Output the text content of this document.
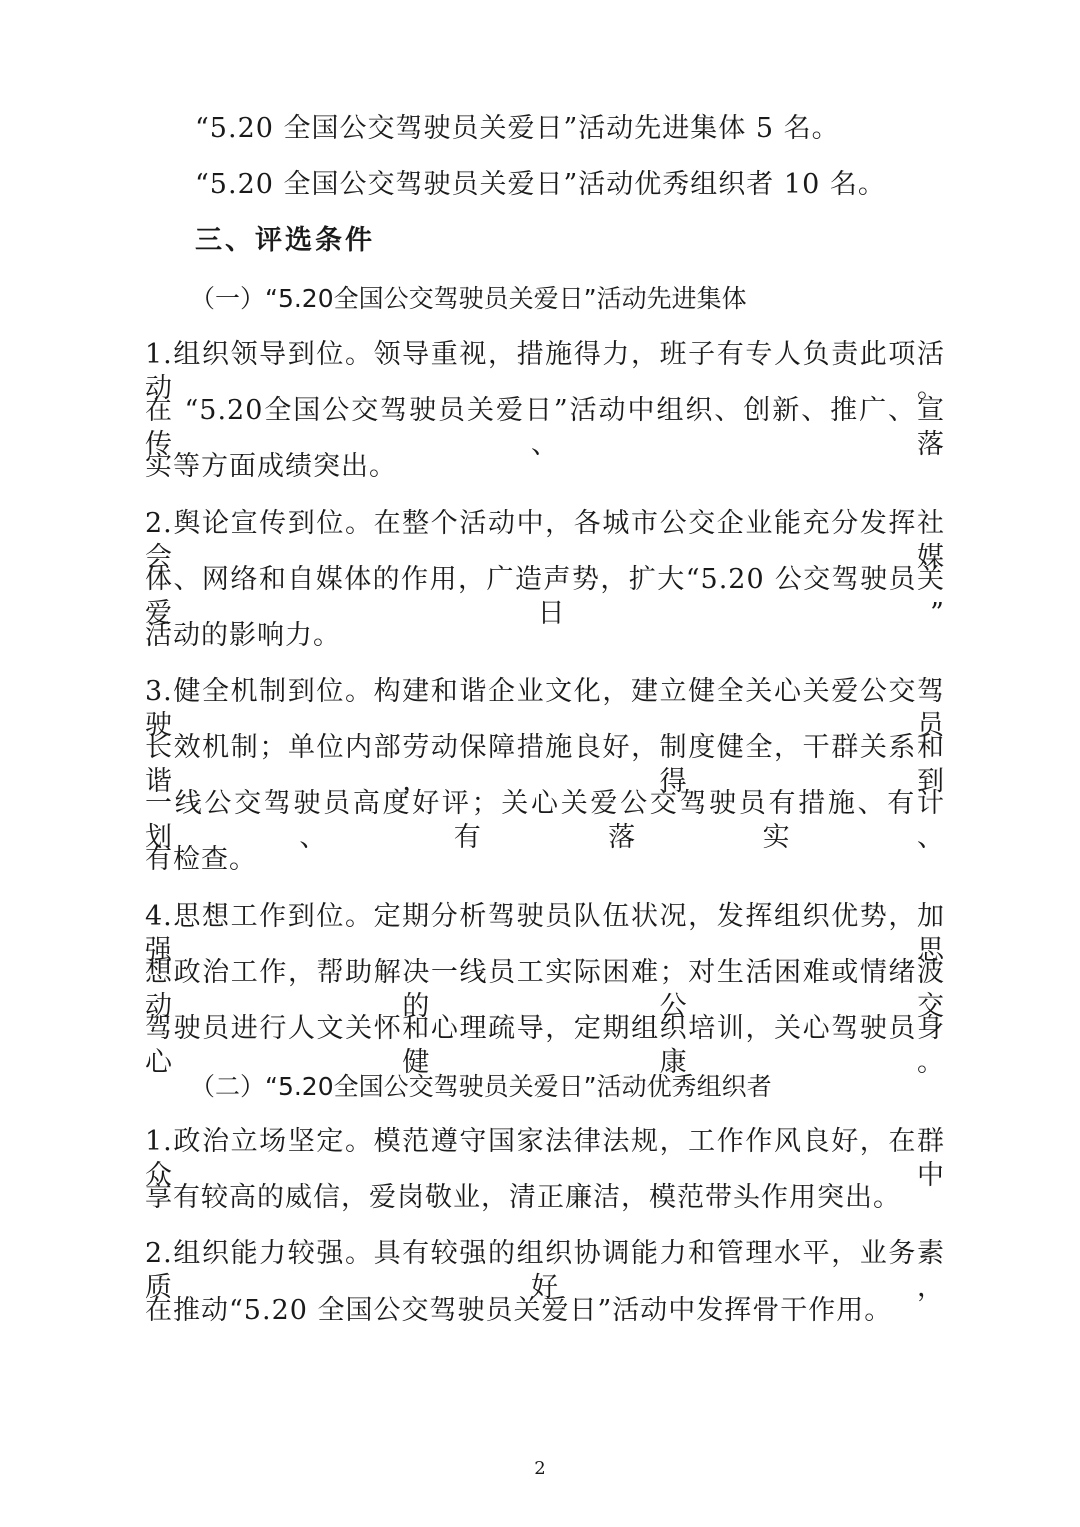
“5.20 全国公交驾驶员关爱日”活动先进集体 5 名。
“5.20 全国公交驾驶员关爱日”活动优秀组织者 10 名。
三、评选条件
（一）“5.20全国公交驾驶员关爱日”活动先进集体
1.组织领导到位。领导重视，措施得力，班子有专人负责此项活动。
在 “5.20全国公交驾驶员关爱日”活动中组织、创新、推广、宣传、落
实等方面成绩突出。
2.舆论宣传到位。在整个活动中，各城市公交企业能充分发挥社会媒
体、网络和自媒体的作用，广造声势，扩大“5.20 公交驾驶员关爱日”
活动的影响力。
3.健全机制到位。构建和谐企业文化，建立健全关心关爱公交驾驶员
长效机制；单位内部劳动保障措施良好，制度健全，干群关系和谐，得到
一线公交驾驶员高度好评；关心关爱公交驾驶员有措施、有计划、有落实、
有检查。
4.思想工作到位。定期分析驾驶员队伍状况，发挥组织优势，加强思
想政治工作，帮助解决一线员工实际困难；对生活困难或情绪波动的公交
驾驶员进行人文关怀和心理疏导，定期组织培训，关心驾驶员身心健康。
（二）“5.20全国公交驾驶员关爱日”活动优秀组织者
1.政治立场坚定。模范遵守国家法律法规，工作作风良好，在群众中
享有较高的威信，爱岗敬业，清正廉洁，模范带头作用突出。
2.组织能力较强。具有较强的组织协调能力和管理水平，业务素质好，
在推动“5.20 全国公交驾驶员关爱日”活动中发挥骨干作用。
2
